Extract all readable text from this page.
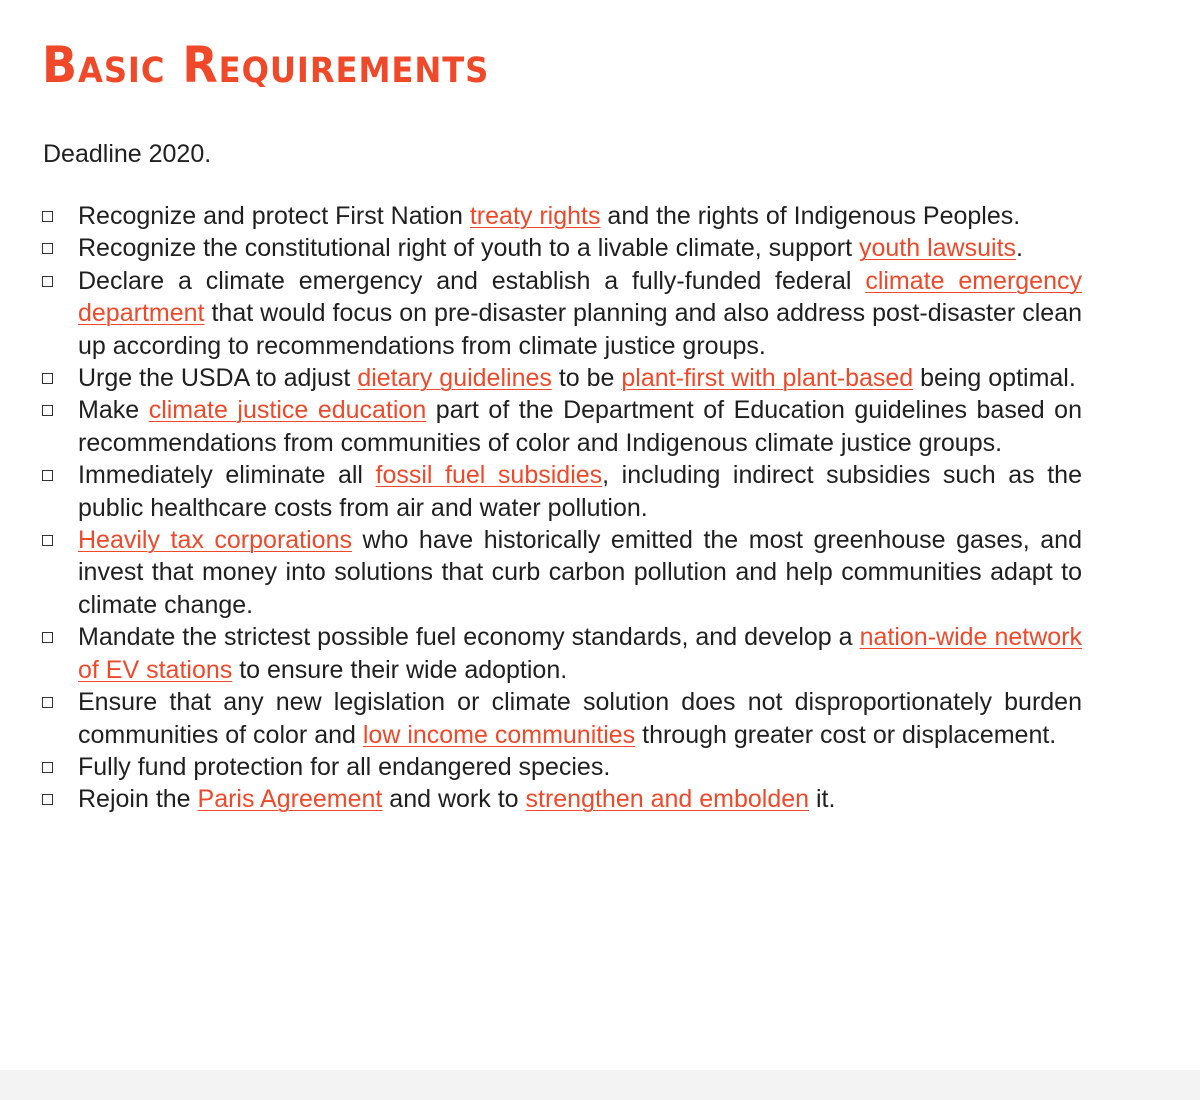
Basic Requirements

Deadline 2020.

Recognize and protect First Nation treaty rights and the rights of Indigenous Peoples.
Recognize the constitutional right of youth to a livable climate, support youth lawsuits.
Declare a climate emergency and establish a fully-funded federal climate emergency department that would focus on pre-disaster planning and also address post-disaster clean up according to recommendations from climate justice groups.
Urge the USDA to adjust dietary guidelines to be plant-first with plant-based being optimal.
Make climate justice education part of the Department of Education guidelines based on recommendations from communities of color and Indigenous climate justice groups.
Immediately eliminate all fossil fuel subsidies, including indirect subsidies such as the public healthcare costs from air and water pollution.
Heavily tax corporations who have historically emitted the most greenhouse gases, and invest that money into solutions that curb carbon pollution and help communities adapt to climate change.
Mandate the strictest possible fuel economy standards, and develop a nation-wide network of EV stations to ensure their wide adoption.
Ensure that any new legislation or climate solution does not disproportionately burden communities of color and low income communities through greater cost or displacement.
Fully fund protection for all endangered species.
Rejoin the Paris Agreement and work to strengthen and embolden it.
